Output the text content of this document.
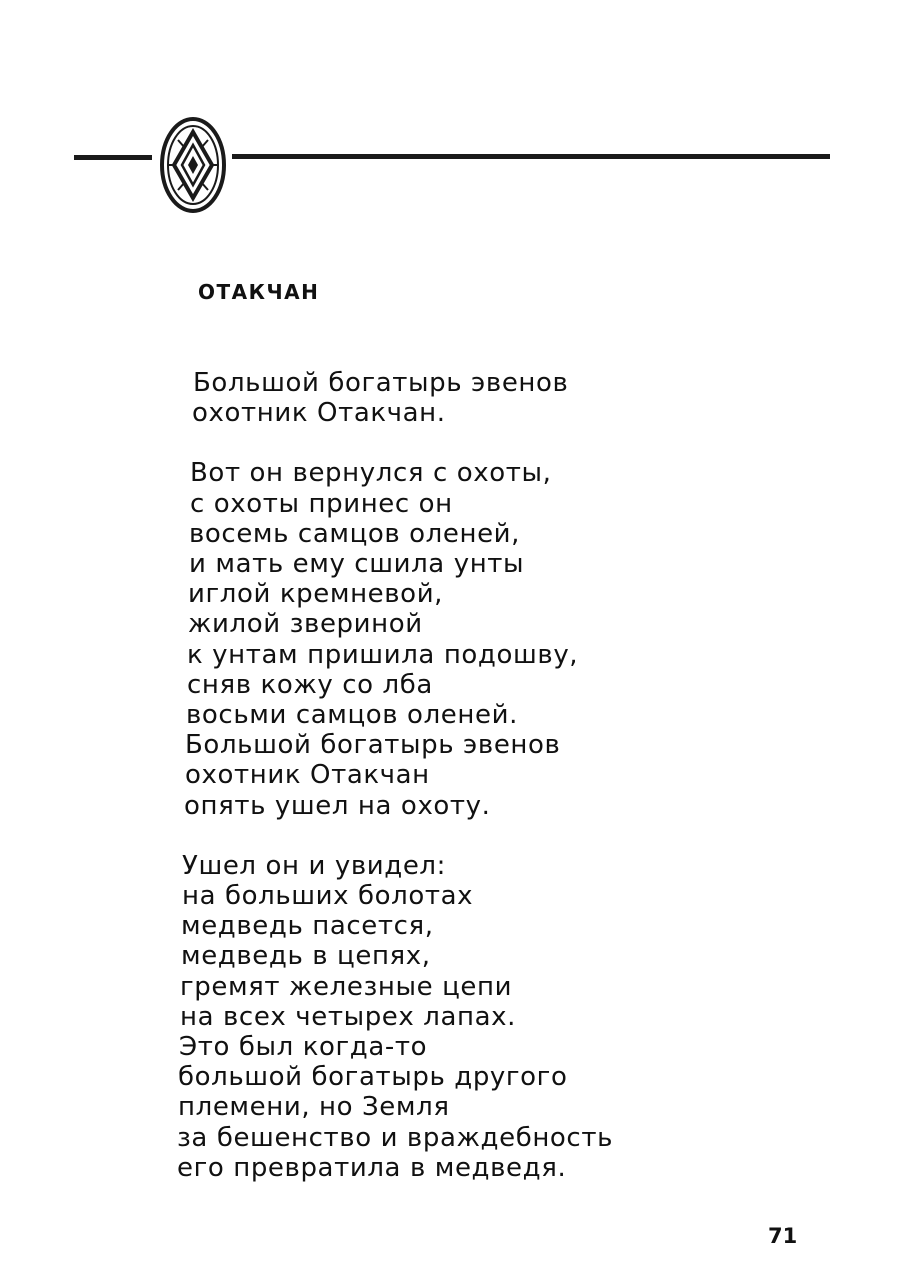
ОТАКЧАН

Большой богатырь эвенов
охотник Отакчан.

Вот он вернулся с охоты,
с охоты принес он
восемь самцов оленей,
и мать ему сшила унты
иглой кремневой,
жилой звериной
к унтам пришила подошву,
сняв кожу со лба
восьми самцов оленей.
Большой богатырь эвенов
охотник Отакчан
опять ушел на охоту.

Ушел он и увидел:
на больших болотах
медведь пасется,
медведь в цепях,
гремят железные цепи
на всех четырех лапах.
Это был когда-то
большой богатырь другого
племени, но Земля
за бешенство и враждебность
его превратила в медведя.

71
